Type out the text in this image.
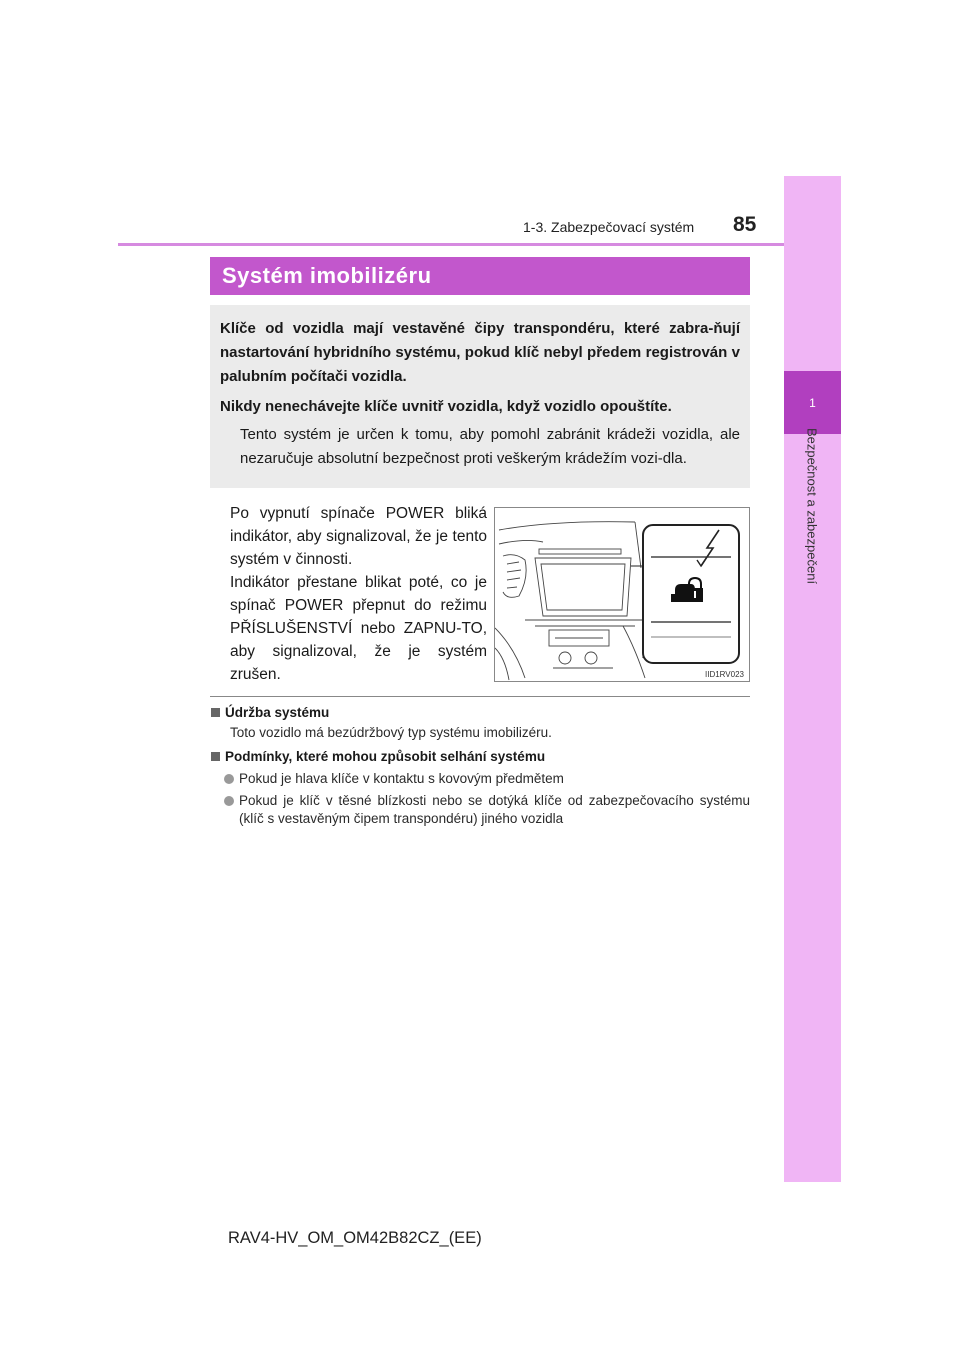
1
Bezpečnost a zabezpečení
1-3. Zabezpečovací systém 85
Systém imobilizéru

Klíče od vozidla mají vestavěné čipy transpondéru, které zabra-ňují nastartování hybridního systému, pokud klíč nebyl předem registrován v palubním počítači vozidla.

Nikdy nenechávejte klíče uvnitř vozidla, když vozidlo opouštíte.

Tento systém je určen k tomu, aby pomohl zabránit krádeži vozidla, ale nezaručuje absolutní bezpečnost proti veškerým krádežím vozi-dla.

Po vypnutí spínače POWER bliká indikátor, aby signalizoval, že je tento systém v činnosti.

Indikátor přestane blikat poté, co je spínač POWER přepnut do režimu PŘÍSLUŠENSTVÍ nebo ZAPNU-TO, aby signalizoval, že je systém zrušen.	IID1RV023

Údržba systému

Toto vozidlo má bezúdržbový typ systému imobilizéru.

Podmínky, které mohou způsobit selhání systému

Pokud je hlava klíče v kontaktu s kovovým předmětem
Pokud je klíč v těsné blízkosti nebo se dotýká klíče od zabezpečovacího systému (klíč s vestavěným čipem transpondéru) jiného vozidla
RAV4-HV_OM_OM42B82CZ_(EE)
